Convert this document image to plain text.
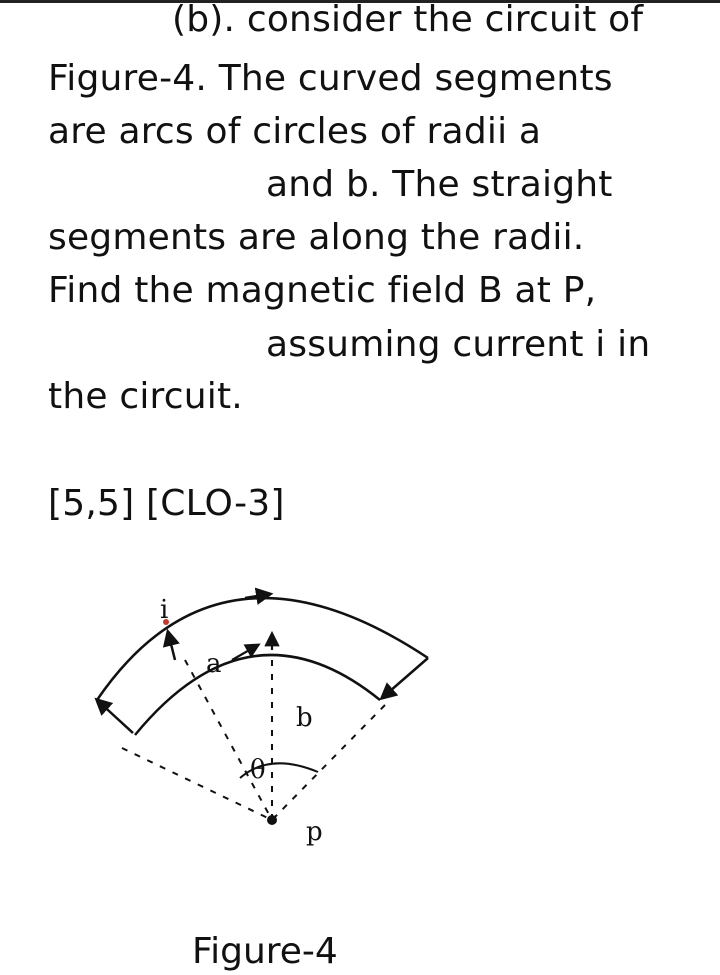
(b). consider the circuit of
Figure-4. The curved segments
are arcs of circles of radii a
and b. The straight
segments are along the radii.
Find the magnetic field B at P,
assuming current i in
the circuit.
[5,5] [CLO-3]
i
a
b
θ
p
Figure-4
